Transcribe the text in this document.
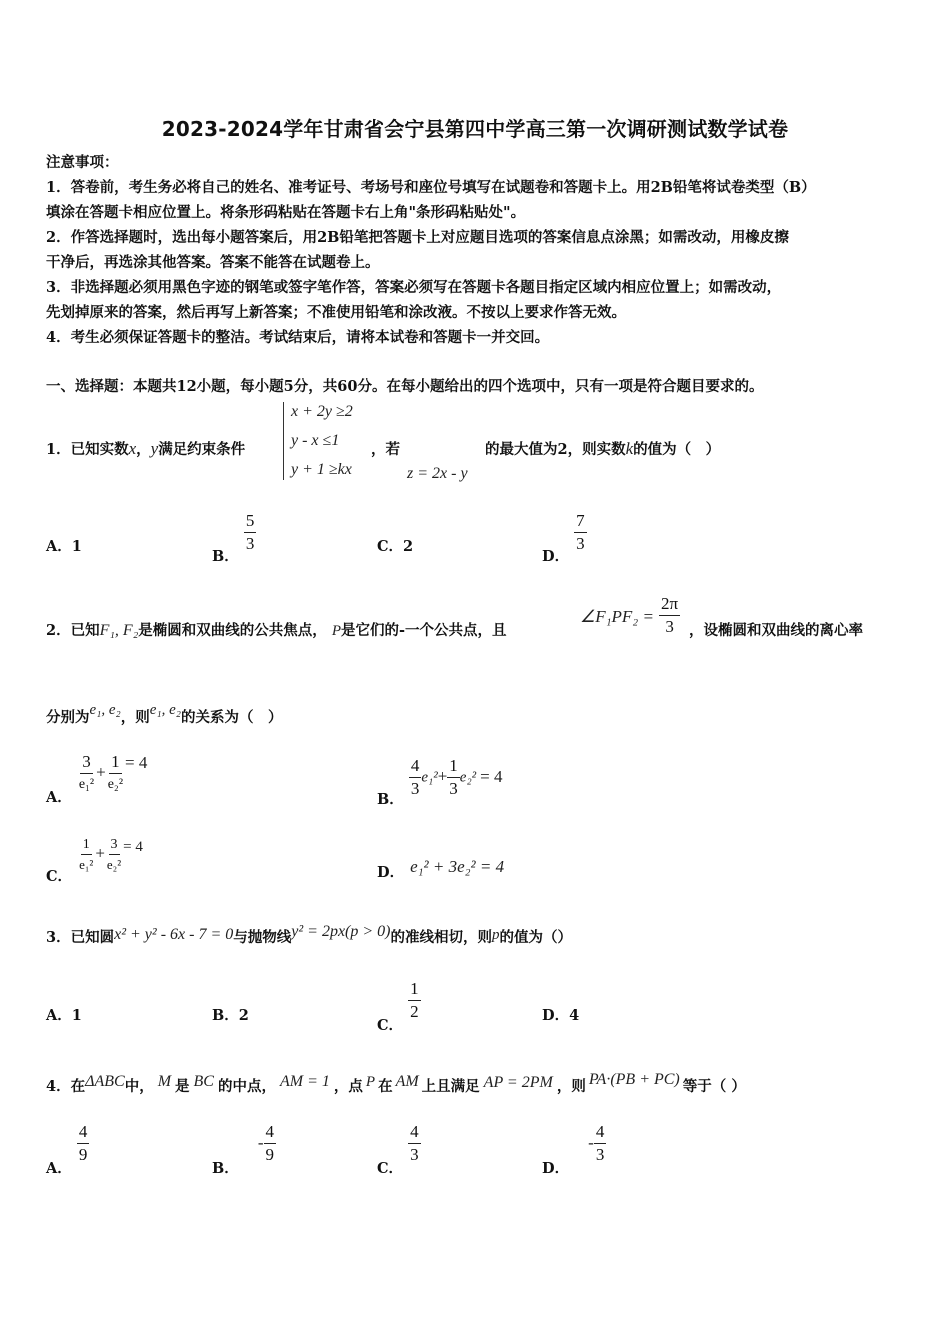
2023-2024学年甘肃省会宁县第四中学高三第一次调研测试数学试卷
注意事项：
1．答卷前，考生务必将自己的姓名、准考证号、考场号和座位号填写在试题卷和答题卡上。用2B铅笔将试卷类型（B）
填涂在答题卡相应位置上。将条形码粘贴在答题卡右上角"条形码粘贴处"。
2．作答选择题时，选出每小题答案后，用2B铅笔把答题卡上对应题目选项的答案信息点涂黑；如需改动，用橡皮擦
干净后，再选涂其他答案。答案不能答在试题卷上。
3．非选择题必须用黑色字迹的钢笔或签字笔作答，答案必须写在答题卡各题目指定区域内相应位置上；如需改动，
先划掉原来的答案，然后再写上新答案；不准使用铅笔和涂改液。不按以上要求作答无效。
4．考生必须保证答题卡的整洁。考试结束后，请将本试卷和答题卡一并交回。
一、选择题：本题共12小题，每小题5分，共60分。在每小题给出的四个选项中，只有一项是符合题目要求的。
1．已知实数x，y满足约束条件
x + 2y ≥2
y - x ≤1
y + 1 ≥kx
，若
z = 2x - y
的最大值为2，则实数k的值为（　）
A．1
B．
$\frac{5}{3}$	C．2
D．
$\frac{7}{3}$
2．已知F₁, F₂是椭圆和双曲线的公共焦点， P是它们的-一个公共点，且
∠F₁PF₂ = $\frac{2\pi}{3}$ ，设椭圆和双曲线的离心率
分别为e₁, e₂，则e₁, e₂的关系为（　）
A．
$\frac{3}{\text{e₁²}} + \frac{1}{\text{e₂²}} = 4$
B． $\frac{4}{3} e_1^2+ \frac{1}{3} e_2^2 = 4$
C．
$\frac{1}{\text{e₁²}} + \frac{3}{\text{e₂²}} = 4$
D． e₁² + 3e₂² = 4
3．已知圆x² + y² - 6x - 7 = 0与抛物线y² = 2px(p > 0)的准线相切，则p的值为（）
A．1	B．2
C．
$\frac{1}{2}$	D．4
4．在ΔABC中， M 是 BC 的中点， AM = 1 ，点 P 在 AM 上且满足 AP = 2PM ，则 PA·(PB + PC) 等于（ ）
A．
$\frac{4}{9}$
B． - $\frac{4}{9}$
C．
$\frac{4}{3}$
D． - $\frac{4}{3}$
